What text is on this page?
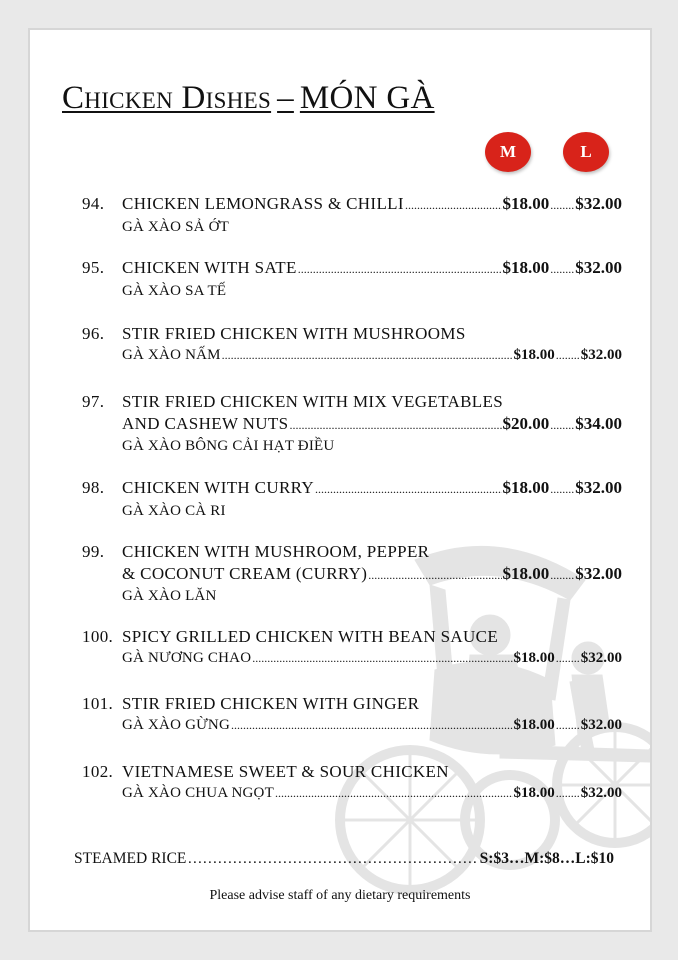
Chicken Dishes – MÓN GÀ
M	L
94.	CHICKEN LEMONGRASS & CHILLI .....	$18.00 ..... $32.00
GÀ XÀO SẢ ỚT
95.	CHICKEN WITH SATE .....	$18.00 ..... $32.00
GÀ XÀO SA TẾ
96.	STIR FRIED CHICKEN WITH MUSHROOMS
GÀ XÀO NẤM .....	$18.00 ..... $32.00
97.	STIR FRIED CHICKEN WITH MIX VEGETABLES
AND CASHEW NUTS .....	$20.00 ..... $34.00
GÀ XÀO BÔNG CẢI HẠT ĐIỀU
98.	CHICKEN WITH CURRY .....	$18.00 ..... $32.00
GÀ XÀO CÀ RI
99.	CHICKEN WITH MUSHROOM, PEPPER
& COCONUT CREAM (CURRY) .....	$18.00 ..... $32.00
GÀ XÀO LĂN
100. SPICY GRILLED CHICKEN WITH BEAN SAUCE
GÀ NƯƠNG CHAO .....	$18.00 ..... $32.00
101. STIR FRIED CHICKEN WITH GINGER
GÀ XÀO GỪNG .....	$18.00 ..... $32.00
102. VIETNAMESE SWEET & SOUR CHICKEN
GÀ XÀO CHUA NGỌT .....	$18.00 ..... $32.00
STEAMED RICE ……………………………………………………………………………………	S:$3…M:$8…L:$10
Please advise staff of any dietary requirements
